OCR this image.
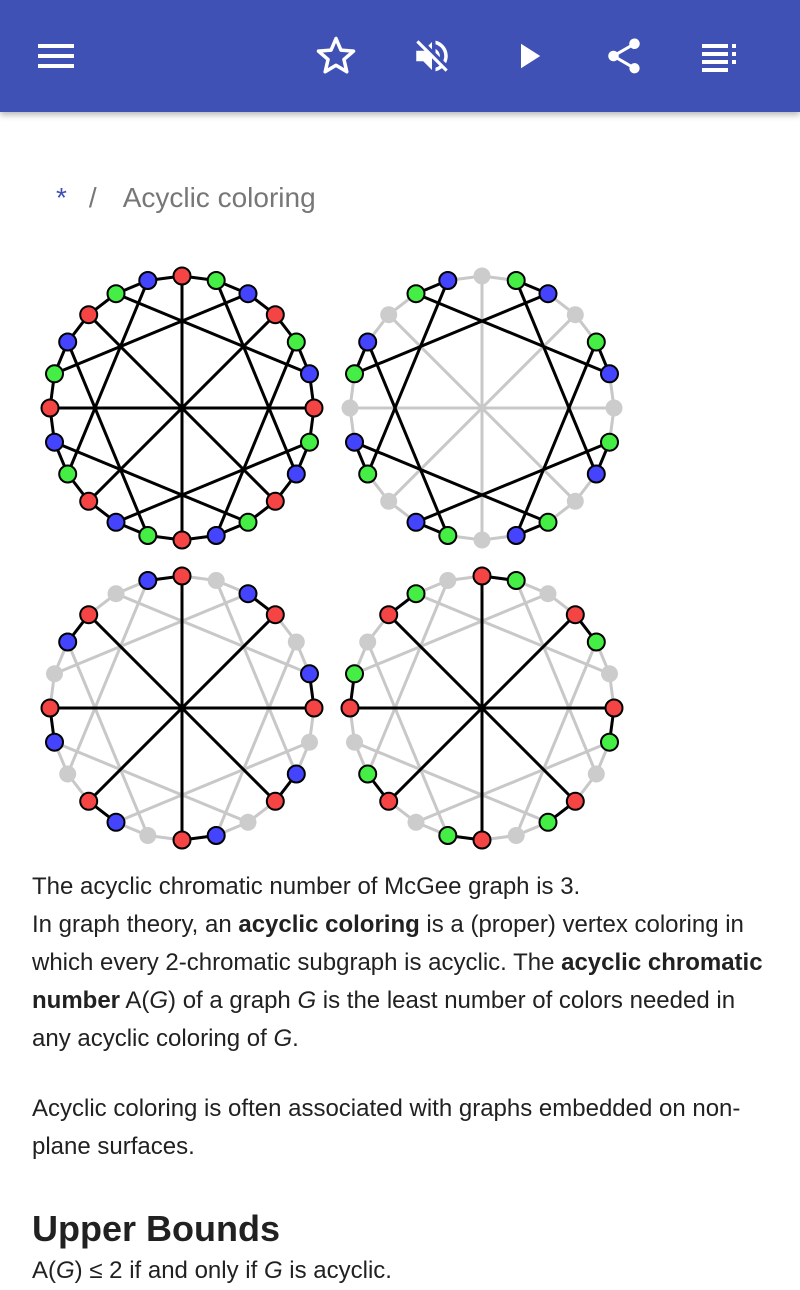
* / Acyclic coloring

The acyclic chromatic number of McGee graph is 3.

In graph theory, an acyclic coloring is a (proper) vertex coloring in which every 2-chromatic subgraph is acyclic. The acyclic chromatic number A(G) of a graph G is the least number of colors needed in any acyclic coloring of G.

Acyclic coloring is often associated with graphs embedded on non-plane surfaces.

Upper Bounds

A(G) ≤ 2 if and only if G is acyclic.
